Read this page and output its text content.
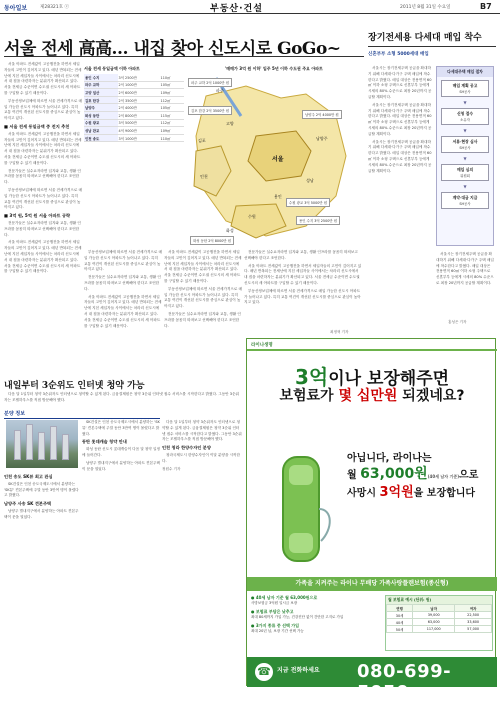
동아일보	제28321호 ⓒ	부동산·건설	2011년 8월 31일 수요일	B7
서울 전세 高高… 내집 찾아 신도시로 GoGo~

서울 아파트 전세값이 고공행진을 하면서 세입자들의 고민이 깊어지고 있다. 매년 반복되는 전세난에 지친 세입자들 사이에서는 차라리 신도시에서 내 집을 마련하자는 분위기가 확산되고 있다. 서울 전세금 수준이면 수도권 신도시의 새 아파트를 구입할 수 있기 때문이다.

부동산정보업체에 따르면 서울 전세가격으로 매입 가능한 신도시 아파트가 늘어나고 있다. 특히 교통 여건이 개선된 신도시를 중심으로 관심이 높아지고 있다.

■ 서울 전세 동일금액 중 전지 추천

서울 아파트 전세값이 고공행진을 하면서 세입자들의 고민이 깊어지고 있다. 매년 반복되는 전세난에 지친 세입자들 사이에서는 차라리 신도시에서 내 집을 마련하자는 분위기가 확산되고 있다. 서울 전세금 수준이면 수도권 신도시의 새 아파트를 구입할 수 있기 때문이다.

전문가들은 실수요자라면 입지와 교통, 생활 인프라를 꼼꼼히 따져보고 선택해야 한다고 조언한다.

부동산정보업체에 따르면 서울 전세가격으로 매입 가능한 신도시 아파트가 늘어나고 있다. 특히 교통 여건이 개선된 신도시를 중심으로 관심이 높아지고 있다.

■ 3억 원, 5억 원 서울 아파트 공략

전문가들은 실수요자라면 입지와 교통, 생활 인프라를 꼼꼼히 따져보고 선택해야 한다고 조언한다.

서울 아파트 전세값이 고공행진을 하면서 세입자들의 고민이 깊어지고 있다. 매년 반복되는 전세난에 지친 세입자들 사이에서는 차라리 신도시에서 내 집을 마련하자는 분위기가 확산되고 있다. 서울 전세금 수준이면 수도권 신도시의 새 아파트를 구입할 수 있기 때문이다.

서울 전세 동일금액 이하 아파트
용인 수지	3억 2500만	110㎡
파주 교하	2억 1000만	105㎡
고양 일산	2억 6000만	109㎡
김포 한강	2억 3500만	112㎡
남양주	2억 4000만	105㎡
화성 동탄	2억 8000만	115㎡
수원 광교	3억 5000만	112㎡
성남 판교	4억 9000만	109㎡
인천 송도	3억 1000만	110㎡
'매매가 3억 원 이하' 입주 5년 이하 수도권 주요 아파트
파주
고양
김포
서울
남양주
인천
성남
용인
수원
화성
파주 교하 2억 1000만 원
김포 한강 2억 3500만 원
남양주 2억 4000만 원
용인 수지 3억 2500만 원
화성 동탄 2억 8000만 원
수원 광교 3억 5000만 원

부동산정보업체에 따르면 서울 전세가격으로 매입 가능한 신도시 아파트가 늘어나고 있다. 특히 교통 여건이 개선된 신도시를 중심으로 관심이 높아지고 있다.

전문가들은 실수요자라면 입지와 교통, 생활 인프라를 꼼꼼히 따져보고 선택해야 한다고 조언한다.

서울 아파트 전세값이 고공행진을 하면서 세입자들의 고민이 깊어지고 있다. 매년 반복되는 전세난에 지친 세입자들 사이에서는 차라리 신도시에서 내 집을 마련하자는 분위기가 확산되고 있다. 서울 전세금 수준이면 수도권 신도시의 새 아파트를 구입할 수 있기 때문이다.

서울 아파트 전세값이 고공행진을 하면서 세입자들의 고민이 깊어지고 있다. 매년 반복되는 전세난에 지친 세입자들 사이에서는 차라리 신도시에서 내 집을 마련하자는 분위기가 확산되고 있다. 서울 전세금 수준이면 수도권 신도시의 새 아파트를 구입할 수 있기 때문이다.

부동산정보업체에 따르면 서울 전세가격으로 매입 가능한 신도시 아파트가 늘어나고 있다. 특히 교통 여건이 개선된 신도시를 중심으로 관심이 높아지고 있다.

전문가들은 실수요자라면 입지와 교통, 생활 인프라를 꼼꼼히 따져보고 선택해야 한다고 조언한다.

전문가들은 실수요자라면 입지와 교통, 생활 인프라를 꼼꼼히 따져보고 선택해야 한다고 조언한다.

서울 아파트 전세값이 고공행진을 하면서 세입자들의 고민이 깊어지고 있다. 매년 반복되는 전세난에 지친 세입자들 사이에서는 차라리 신도시에서 내 집을 마련하자는 분위기가 확산되고 있다. 서울 전세금 수준이면 수도권 신도시의 새 아파트를 구입할 수 있기 때문이다.

부동산정보업체에 따르면 서울 전세가격으로 매입 가능한 신도시 아파트가 늘어나고 있다. 특히 교통 여건이 개선된 신도시를 중심으로 관심이 높아지고 있다.

최정혁 기자
장기전세용 다세대 매입 착수
신혼부부 소형 5000세대 매입

서울시는 장기전세주택 공급을 확대하기 위해 다세대·다가구 주택 매입에 착수한다고 밝혔다. 매입 대상은 전용면적 60㎡ 이하 소형 주택으로 신혼부부 등에게 시세의 80% 수준으로 최장 20년까지 공급할 계획이다.

서울시는 장기전세주택 공급을 확대하기 위해 다세대·다가구 주택 매입에 착수한다고 밝혔다. 매입 대상은 전용면적 60㎡ 이하 소형 주택으로 신혼부부 등에게 시세의 80% 수준으로 최장 20년까지 공급할 계획이다.

서울시는 장기전세주택 공급을 확대하기 위해 다세대·다가구 주택 매입에 착수한다고 밝혔다. 매입 대상은 전용면적 60㎡ 이하 소형 주택으로 신혼부부 등에게 시세의 80% 수준으로 최장 20년까지 공급할 계획이다.

다세대주택 매입 절차
매입 계획 공고
SH공사
▼
신청 접수
소유자
▼
서류·현장 심사
SH공사
▼
매입 심의
위원회
▼
계약·대금 지급
SH공사

서울시는 장기전세주택 공급을 확대하기 위해 다세대·다가구 주택 매입에 착수한다고 밝혔다. 매입 대상은 전용면적 60㎡ 이하 소형 주택으로 신혼부부 등에게 시세의 80% 수준으로 최장 20년까지 공급할 계획이다.

홍성은 기자
내일부터 3순위도 인터넷 청약 가능

다음 달 1일부터 청약 3순위자도 인터넷으로 청약할 수 있게 된다. 금융결제원은 청약 3순위 인터넷 접수 서비스를 시작한다고 밝혔다. 그동안 3순위자는 모델하우스를 직접 방문해야 했다.

분양 정보
인천 송도 SK뷰 최고 관심

SK건설은 인천 송도국제도시에서 분양하는 'SK뷰' 견본주택에 주말 동안 3만여 명이 몰렸다고 밝혔다.

남양주 사송 SK 견본주택

남양주 별내지구에서 분양하는 아파트 견본주택이 문을 열었다.

SK건설은 인천 송도국제도시에서 분양하는 'SK뷰' 견본주택에 주말 동안 3만여 명이 몰렸다고 밝혔다.

동탄 롯데캐슬 청약 안내

화성 동탄 신도시 롯데캐슬이 다음 달 청약 일정에 들어간다.

남양주 별내지구에서 분양하는 아파트 견본주택이 문을 열었다.

다음 달 1일부터 청약 3순위자도 인터넷으로 청약할 수 있게 된다. 금융결제원은 청약 3순위 인터넷 접수 서비스를 시작한다고 밝혔다. 그동안 3순위자는 모델하우스를 직접 방문해야 했다.

인천 청라 한양수자인 분양

청라국제도시 한양수자인이 이달 분양을 시작한다.

정원수 기자
라이나생명
3억이나 보장해주면
보험료가 몇 십만원 되겠네요?
아닙니다, 라이나는
월 63,000원(40세 남자 기준)으로
사망시 3억원을 보장합니다
가족을 지켜주는 라이나 무배당 가족사랑플랜보험(종신형)
● 40세 남자 기준 월 63,000원으로
사망보험금 3억원 일시금 보장
● 보험료 부담은 낮추고
최대 80세까지 가입 가능, 건강진단 없이 간단한 고지로 가입
● 3가지 종류 중 선택 가입
최대 20년 납, 보장 기간 선택 가능
월 보험료 예시 (단위: 원)
연령	남자	여자
30세	39,000	22,500
40세	63,000	33,600
50세	117,000	57,000
☎	지금 전화하세요 080-699-5050
